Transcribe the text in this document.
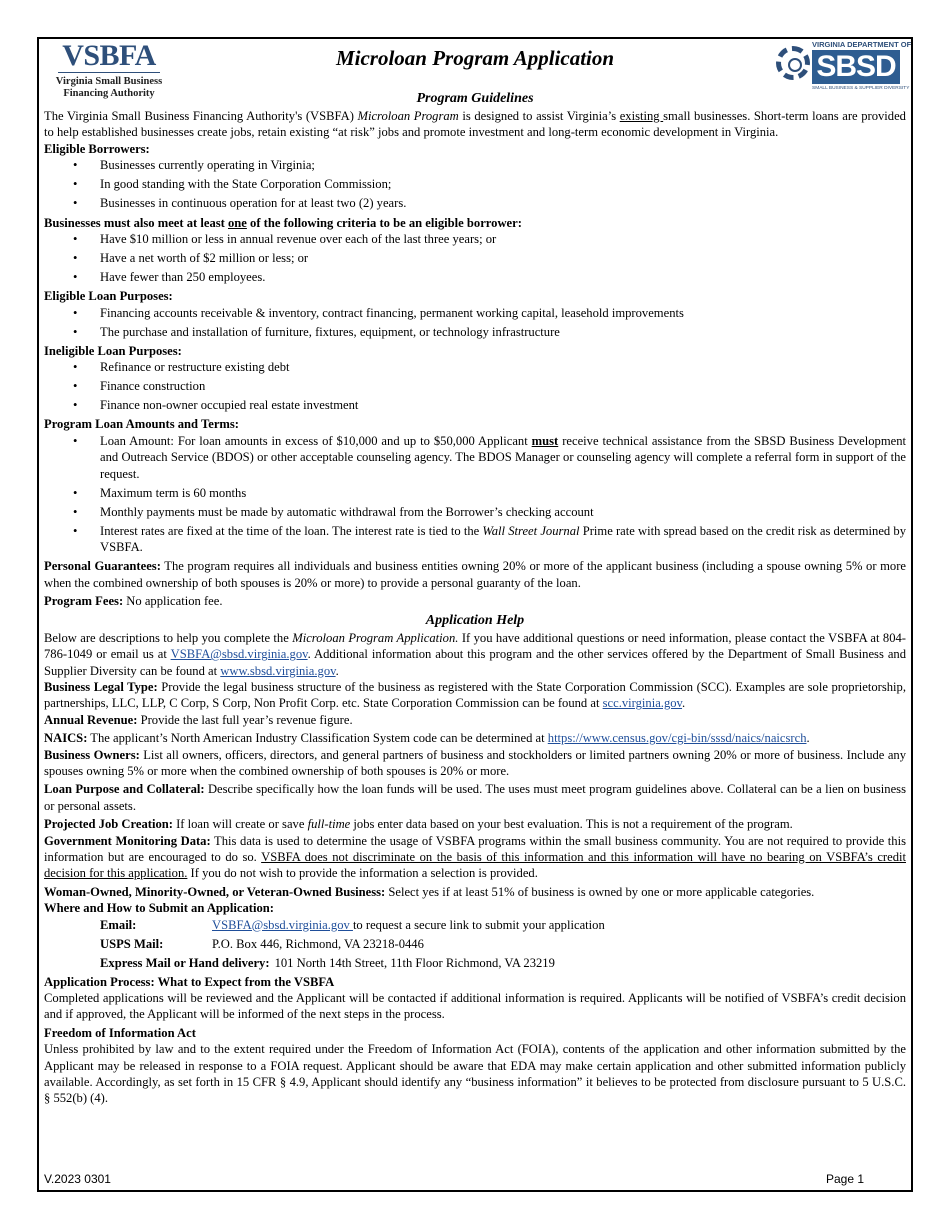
VSBFA
Virginia Small Business
Financing Authority
Microloan Program Application
VIRGINIA DEPARTMENT OF
SBSD
SMALL BUSINESS & SUPPLIER DIVERSITY
Program Guidelines

The Virginia Small Business Financing Authority's (VSBFA) Microloan Program is designed to assist Virginia’s existing small businesses. Short-term loans are provided to help established businesses create jobs, retain existing “at risk” jobs and promote investment and long-term economic development in Virginia.

Eligible Borrowers:

• Businesses currently operating in Virginia;
• In good standing with the State Corporation Commission;
• Businesses in continuous operation for at least two (2) years.

Businesses must also meet at least one of the following criteria to be an eligible borrower:

• Have $10 million or less in annual revenue over each of the last three years; or
• Have a net worth of $2 million or less; or
• Have fewer than 250 employees.

Eligible Loan Purposes:

• Financing accounts receivable & inventory, contract financing, permanent working capital, leasehold improvements
• The purchase and installation of furniture, fixtures, equipment, or technology infrastructure

Ineligible Loan Purposes:

• Refinance or restructure existing debt
• Finance construction
• Finance non-owner occupied real estate investment

Program Loan Amounts and Terms:

• Loan Amount: For loan amounts in excess of $10,000 and up to $50,000 Applicant must receive technical assistance from the SBSD Business Development and Outreach Service (BDOS) or other acceptable counseling agency. The BDOS Manager or counseling agency will complete a referral form in support of the request.
• Maximum term is 60 months
• Monthly payments must be made by automatic withdrawal from the Borrower’s checking account
• Interest rates are fixed at the time of the loan. The interest rate is tied to the Wall Street Journal Prime rate with spread based on the credit risk as determined by VSBFA.

Personal Guarantees: The program requires all individuals and business entities owning 20% or more of the applicant business (including a spouse owning 5% or more when the combined ownership of both spouses is 20% or more) to provide a personal guaranty of the loan.

Program Fees: No application fee.

Application Help

Below are descriptions to help you complete the Microloan Program Application. If you have additional questions or need information, please contact the VSBFA at 804-786-1049 or email us at VSBFA@sbsd.virginia.gov. Additional information about this program and the other services offered by the Department of Small Business and Supplier Diversity can be found at www.sbsd.virginia.gov.

Business Legal Type: Provide the legal business structure of the business as registered with the State Corporation Commission (SCC). Examples are sole proprietorship, partnerships, LLC, LLP, C Corp, S Corp, Non Profit Corp. etc. State Corporation Commission can be found at scc.virginia.gov.

Annual Revenue: Provide the last full year’s revenue figure.

NAICS: The applicant’s North American Industry Classification System code can be determined at https://www.census.gov/cgi-bin/sssd/naics/naicsrch.

Business Owners: List all owners, officers, directors, and general partners of business and stockholders or limited partners owning 20% or more of business. Include any spouses owning 5% or more when the combined ownership of both spouses is 20% or more.

Loan Purpose and Collateral: Describe specifically how the loan funds will be used. The uses must meet program guidelines above. Collateral can be a lien on business or personal assets.

Projected Job Creation: If loan will create or save full-time jobs enter data based on your best evaluation. This is not a requirement of the program.

Government Monitoring Data: This data is used to determine the usage of VSBFA programs within the small business community. You are not required to provide this information but are encouraged to do so. VSBFA does not discriminate on the basis of this information and this information will have no bearing on VSBFA’s credit decision for this application. If you do not wish to provide the information a selection is provided.

Woman-Owned, Minority-Owned, or Veteran-Owned Business: Select yes if at least 51% of business is owned by one or more applicable categories.

Where and How to Submit an Application:

Email:	VSBFA@sbsd.virginia.gov to request a secure link to submit your application
USPS Mail:	P.O. Box 446, Richmond, VA 23218-0446
Express Mail or Hand delivery: 101 North 14th Street, 11th Floor Richmond, VA 23219

Application Process: What to Expect from the VSBFA

Completed applications will be reviewed and the Applicant will be contacted if additional information is required. Applicants will be notified of VSBFA’s credit decision and if approved, the Applicant will be informed of the next steps in the process.

Freedom of Information Act

Unless prohibited by law and to the extent required under the Freedom of Information Act (FOIA), contents of the application and other information submitted by the Applicant may be released in response to a FOIA request. Applicant should be aware that EDA may make certain application and other submitted information publicly available. Accordingly, as set forth in 15 CFR § 4.9, Applicant should identify any “business information” it believes to be protected from disclosure pursuant to 5 U.S.C. § 552(b) (4).

V.2023 0301	Page 1
